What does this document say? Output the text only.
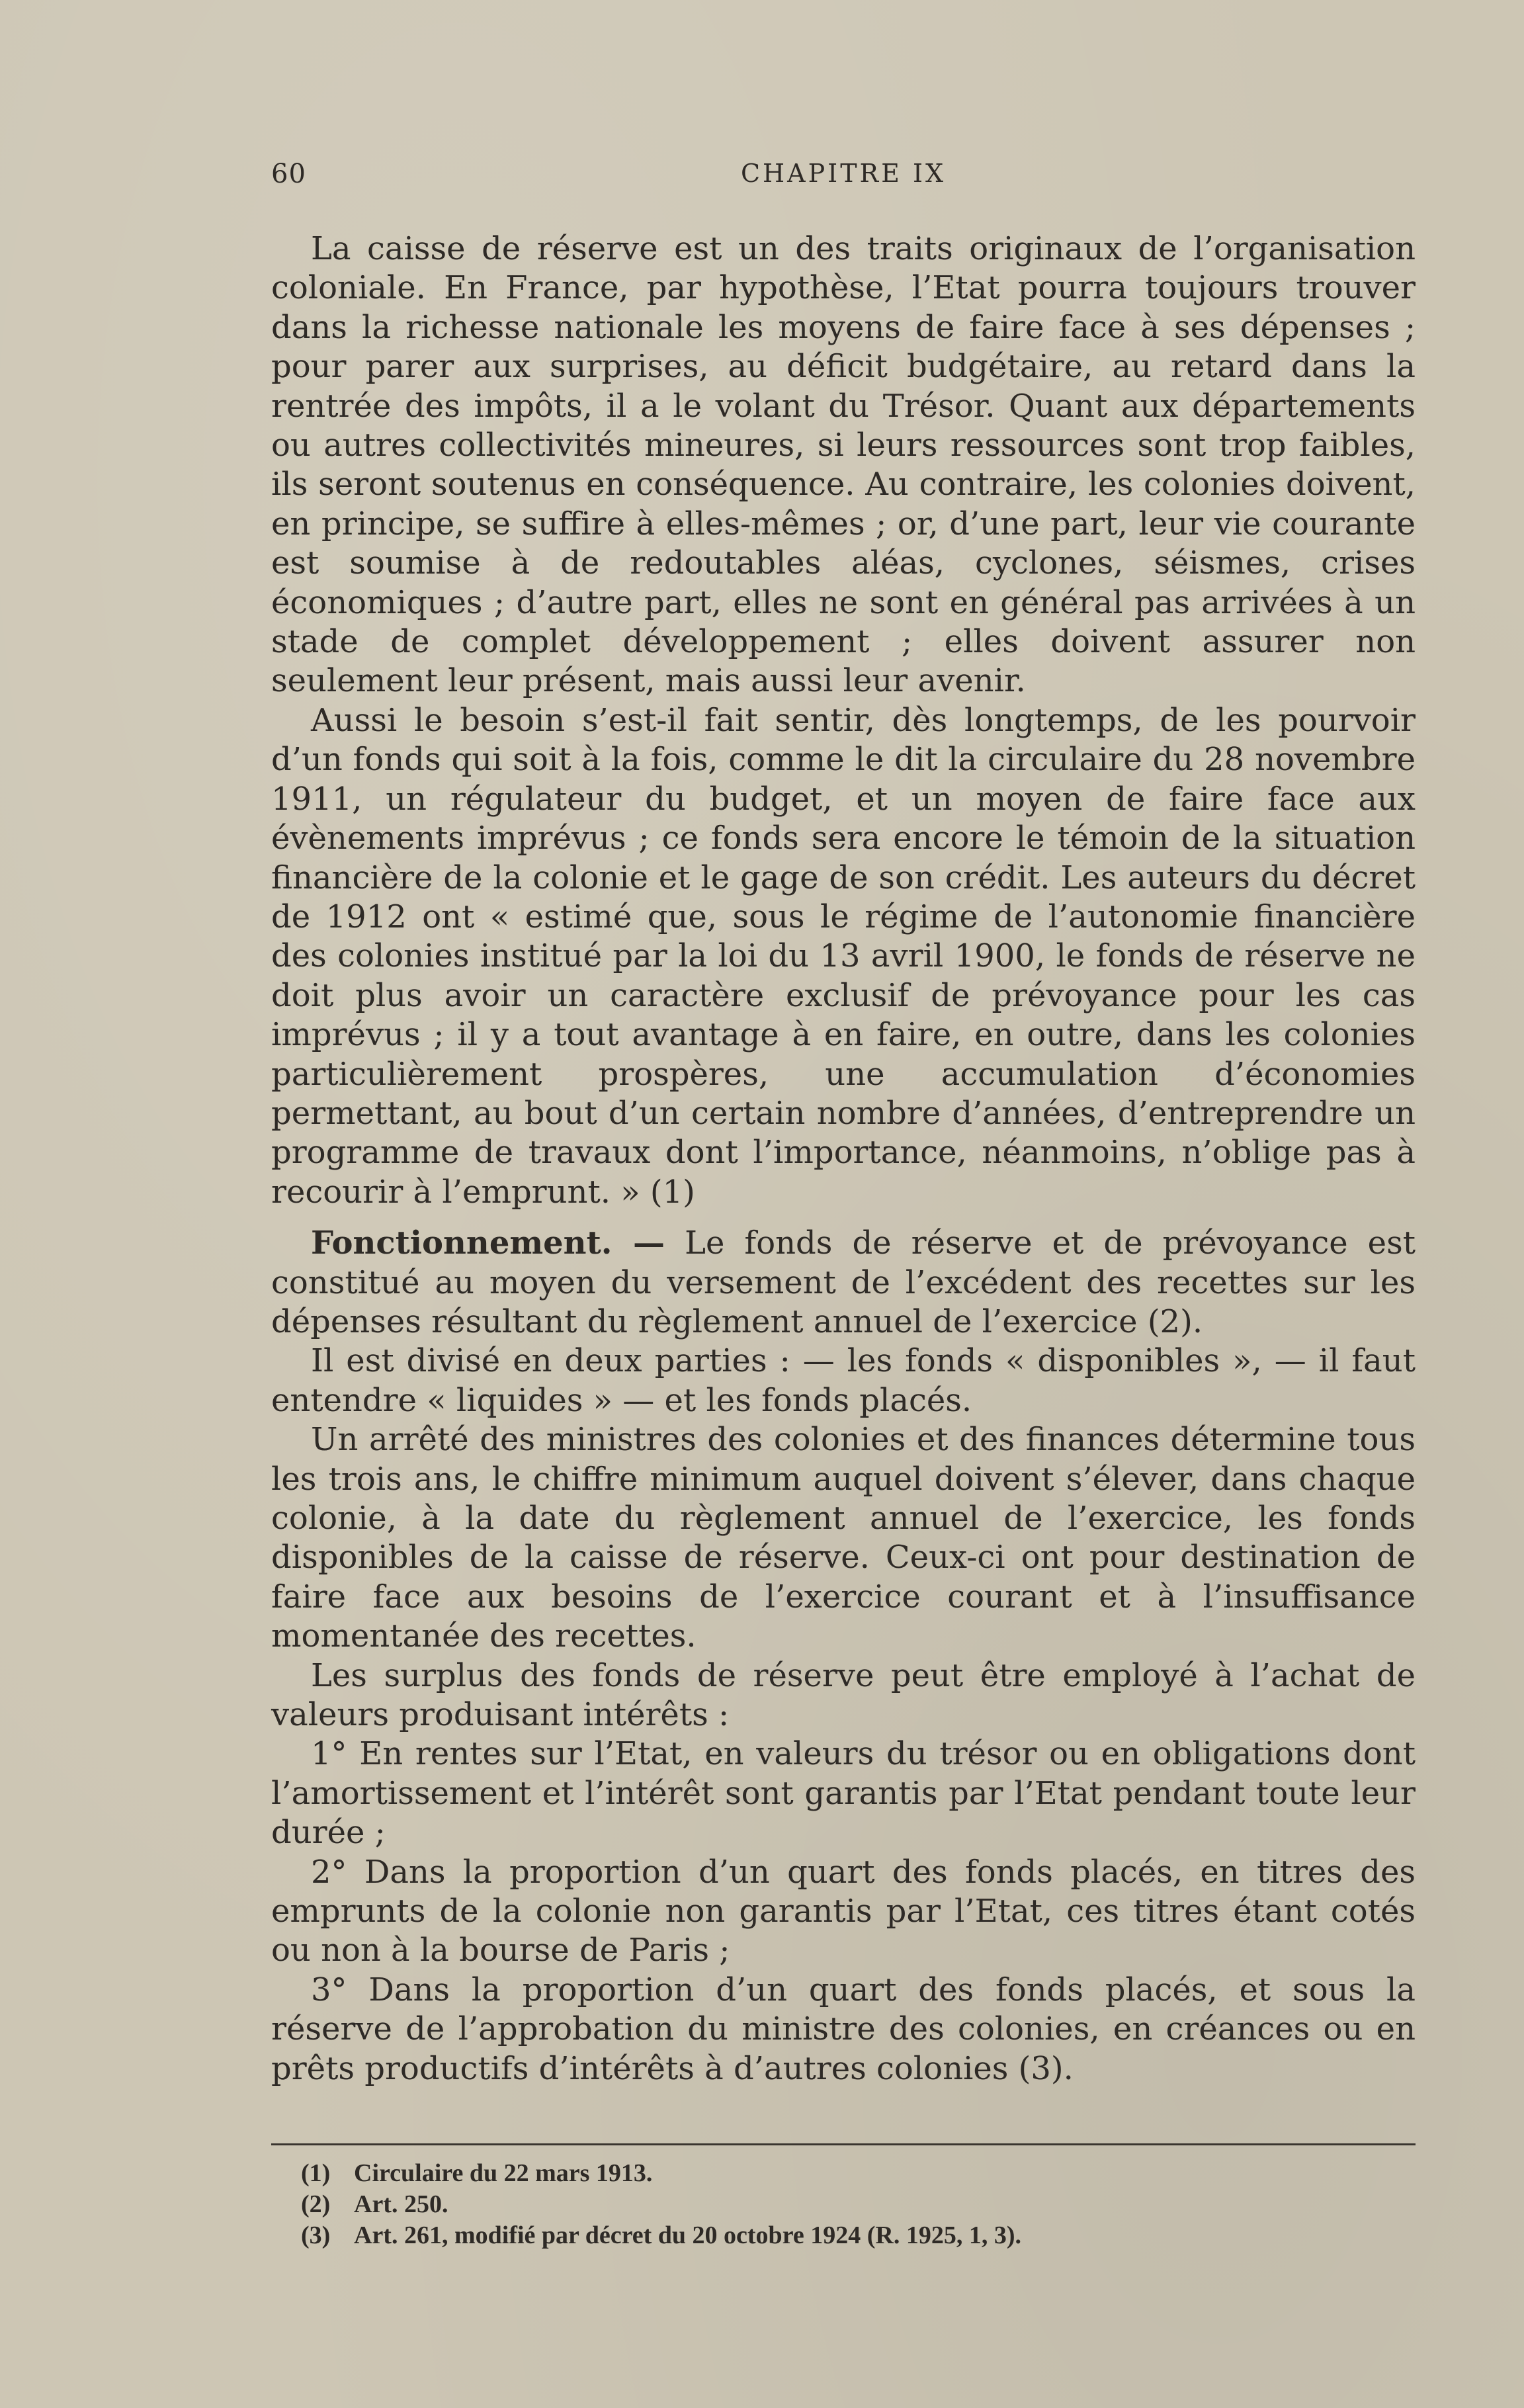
60	CHAPITRE IX

La caisse de réserve est un des traits originaux de l’organisation coloniale. En France, par hypothèse, l’Etat pourra toujours trouver dans la richesse nationale les moyens de faire face à ses dépenses ; pour parer aux surprises, au déficit budgétaire, au retard dans la rentrée des impôts, il a le volant du Trésor. Quant aux départements ou autres collectivités mineures, si leurs ressources sont trop faibles, ils seront soutenus en conséquence. Au contraire, les colonies doivent, en principe, se suffire à elles-mêmes ; or, d’une part, leur vie courante est soumise à de redoutables aléas, cyclones, séismes, crises économiques ; d’autre part, elles ne sont en général pas arrivées à un stade de complet développement ; elles doivent assurer non seulement leur présent, mais aussi leur avenir.

Aussi le besoin s’est-il fait sentir, dès longtemps, de les pourvoir d’un fonds qui soit à la fois, comme le dit la circulaire du 28 novembre 1911, un régulateur du budget, et un moyen de faire face aux évènements imprévus ; ce fonds sera encore le témoin de la situation financière de la colonie et le gage de son crédit. Les auteurs du décret de 1912 ont « estimé que, sous le régime de l’autonomie financière des colonies institué par la loi du 13 avril 1900, le fonds de réserve ne doit plus avoir un caractère exclusif de prévoyance pour les cas imprévus ; il y a tout avantage à en faire, en outre, dans les colonies particulièrement prospères, une accumulation d’économies permettant, au bout d’un certain nombre d’années, d’entreprendre un programme de travaux dont l’importance, néanmoins, n’oblige pas à recourir à l’emprunt. » (1)

Fonctionnement. — Le fonds de réserve et de prévoyance est constitué au moyen du versement de l’excédent des recettes sur les dépenses résultant du règlement annuel de l’exercice (2).

Il est divisé en deux parties : — les fonds « disponibles », — il faut entendre « liquides » — et les fonds placés.

Un arrêté des ministres des colonies et des finances détermine tous les trois ans, le chiffre minimum auquel doivent s’élever, dans chaque colonie, à la date du règlement annuel de l’exercice, les fonds disponibles de la caisse de réserve. Ceux-ci ont pour destination de faire face aux besoins de l’exercice courant et à l’insuffisance momentanée des recettes.

Les surplus des fonds de réserve peut être employé à l’achat de valeurs produisant intérêts :

1° En rentes sur l’Etat, en valeurs du trésor ou en obligations dont l’amortissement et l’intérêt sont garantis par l’Etat pendant toute leur durée ;

2° Dans la proportion d’un quart des fonds placés, en titres des emprunts de la colonie non garantis par l’Etat, ces titres étant cotés ou non à la bourse de Paris ;

3° Dans la proportion d’un quart des fonds placés, et sous la réserve de l’approbation du ministre des colonies, en créances ou en prêts productifs d’intérêts à d’autres colonies (3).

(1) Circulaire du 22 mars 1913.
(2) Art. 250.
(3) Art. 261, modifié par décret du 20 octobre 1924 (R. 1925, 1, 3).
